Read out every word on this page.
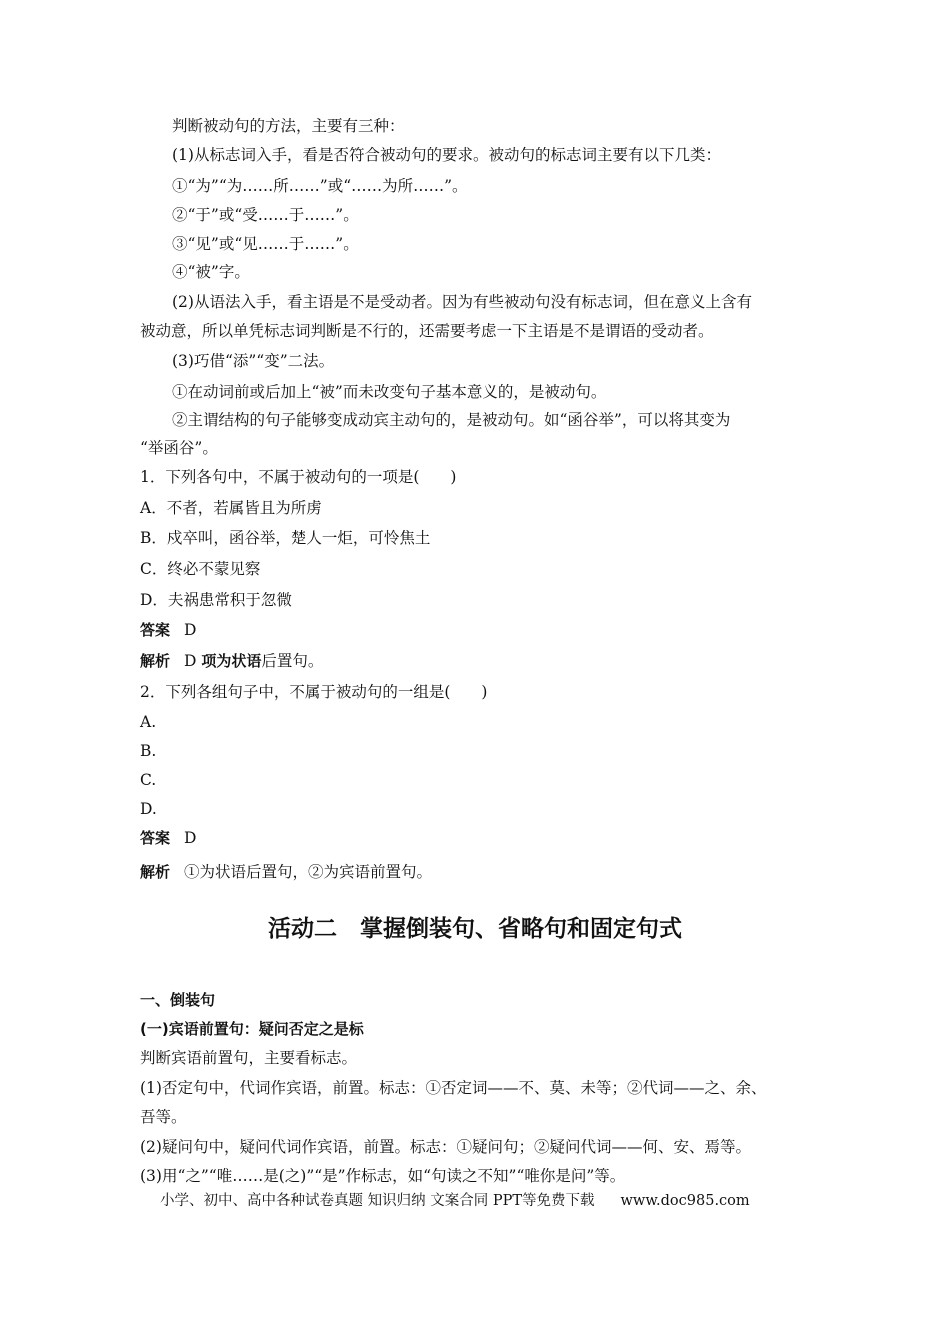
判断被动句的方法，主要有三种：
(1)从标志词入手，看是否符合被动句的要求。被动句的标志词主要有以下几类：
①“为”“为……所……”或“……为所……”。
②“于”或“受……于……”。
③“见”或“见……于……”。
④“被”字。
(2)从语法入手，看主语是不是受动者。因为有些被动句没有标志词，但在意义上含有
被动意，所以单凭标志词判断是不行的，还需要考虑一下主语是不是谓语的受动者。
(3)巧借“添”“变”二法。
①在动词前或后加上“被”而未改变句子基本意义的，是被动句。
②主谓结构的句子能够变成动宾主动句的，是被动句。如“函谷举”，可以将其变为
“举函谷”。
1．下列各句中，不属于被动句的一项是(　　)
A．不者，若属皆且为所虏
B．戍卒叫，函谷举，楚人一炬，可怜焦土
C．终必不蒙见察
D．夫祸患常积于忽微
答案 D
解析 D 项为状语后置句。
2．下列各组句子中，不属于被动句的一组是(　　)
A.
B.
C.
D.
答案 D
解析 ①为状语后置句，②为宾语前置句。
活动二　掌握倒装句、省略句和固定句式
一、倒装句
(一)宾语前置句：疑问否定之是标
判断宾语前置句，主要看标志。
(1)否定句中，代词作宾语，前置。标志：①否定词——不、莫、未等；②代词——之、余、
吾等。
(2)疑问句中，疑问代词作宾语，前置。标志：①疑问句；②疑问代词——何、安、焉等。
(3)用“之”“唯……是(之)”“是”作标志，如“句读之不知”“唯你是问”等。
小学、初中、高中各种试卷真题 知识归纳 文案合同 PPT等免费下载 www.doc985.com
